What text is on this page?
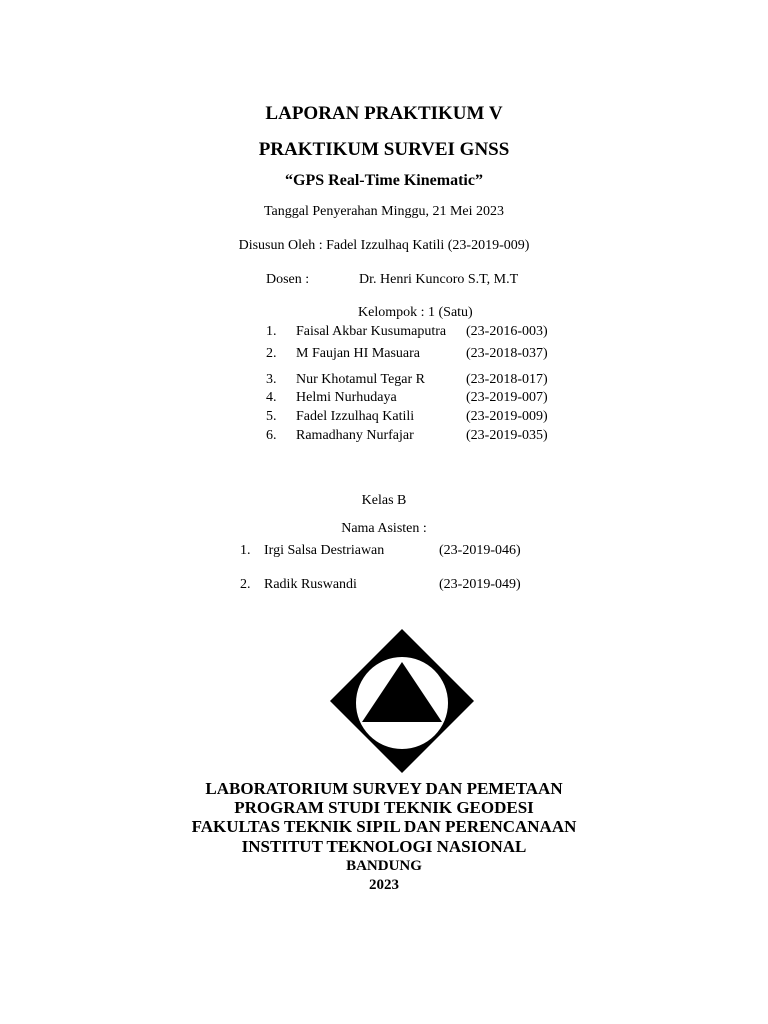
LAPORAN PRAKTIKUM V
PRAKTIKUM SURVEI GNSS
“GPS Real-Time Kinematic”
Tanggal Penyerahan Minggu, 21 Mei 2023
Disusun Oleh : Fadel Izzulhaq Katili (23-2019-009)
Dosen :	Dr. Henri Kuncoro S.T, M.T
Kelompok : 1 (Satu)
1. Faisal Akbar Kusumaputra (23-2016-003)
2. M Faujan HI Masuara	(23-2018-037)
3. Nur Khotamul Tegar R	(23-2018-017)
4. Helmi Nurhudaya	(23-2019-007)
5. Fadel Izzulhaq Katili	(23-2019-009)
6. Ramadhany Nurfajar	(23-2019-035)
Kelas B
Nama Asisten :
1. Irgi Salsa Destriawan	(23-2019-046)
2. Radik Ruswandi	(23-2019-049)
LABORATORIUM SURVEY DAN PEMETAAN
PROGRAM STUDI TEKNIK GEODESI
FAKULTAS TEKNIK SIPIL DAN PERENCANAAN
INSTITUT TEKNOLOGI NASIONAL
BANDUNG
2023
